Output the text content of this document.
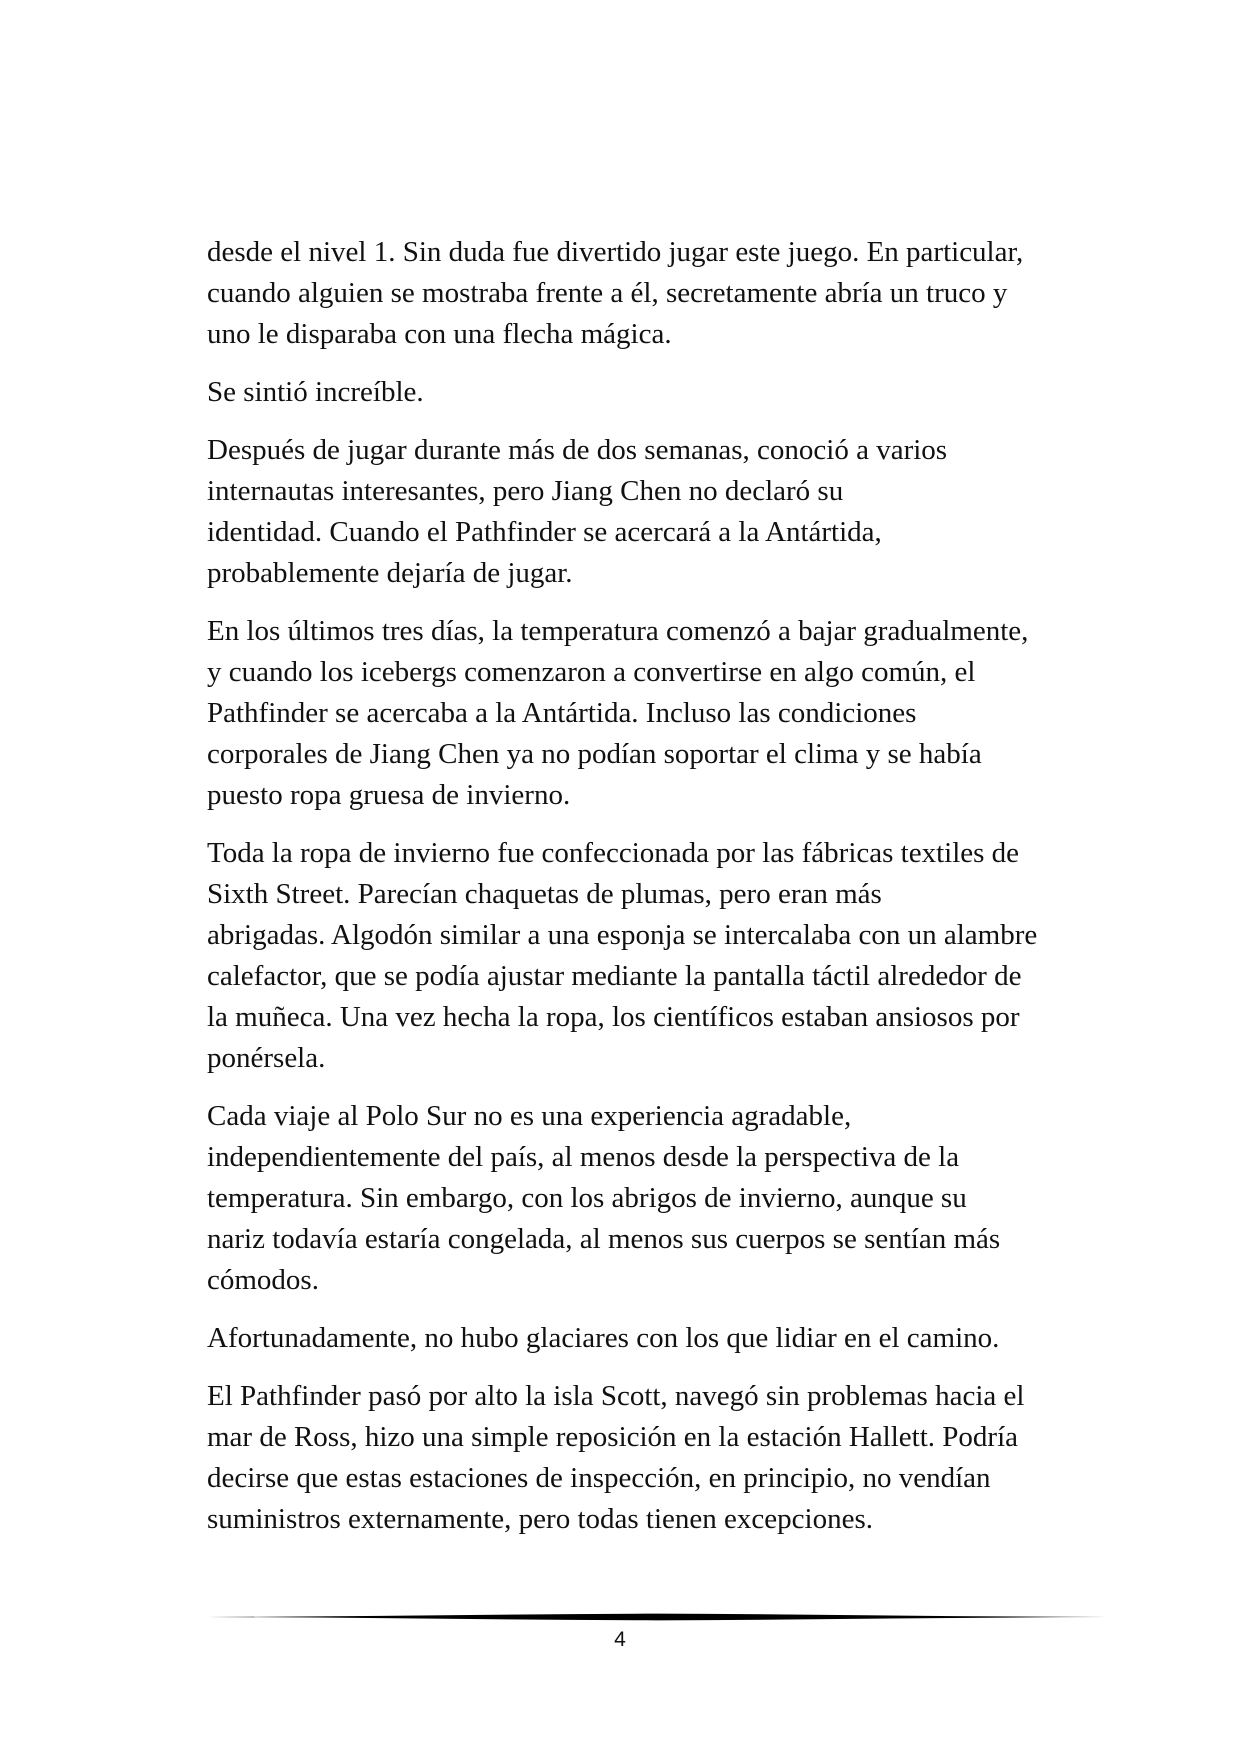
desde el nivel 1. Sin duda fue divertido jugar este juego. En particular,
cuando alguien se mostraba frente a él, secretamente abría un truco y
uno le disparaba con una flecha mágica.

Se sintió increíble.

Después de jugar durante más de dos semanas, conoció a varios
internautas interesantes, pero Jiang Chen no declaró su
identidad. Cuando el Pathfinder se acercará a la Antártida,
probablemente dejaría de jugar.

En los últimos tres días, la temperatura comenzó a bajar gradualmente,
y cuando los icebergs comenzaron a convertirse en algo común, el
Pathfinder se acercaba a la Antártida. Incluso las condiciones
corporales de Jiang Chen ya no podían soportar el clima y se había
puesto ropa gruesa de invierno.

Toda la ropa de invierno fue confeccionada por las fábricas textiles de
Sixth Street. Parecían chaquetas de plumas, pero eran más
abrigadas. Algodón similar a una esponja se intercalaba con un alambre
calefactor, que se podía ajustar mediante la pantalla táctil alrededor de
la muñeca. Una vez hecha la ropa, los científicos estaban ansiosos por
ponérsela.

Cada viaje al Polo Sur no es una experiencia agradable,
independientemente del país, al menos desde la perspectiva de la
temperatura. Sin embargo, con los abrigos de invierno, aunque su
nariz todavía estaría congelada, al menos sus cuerpos se sentían más
cómodos.

Afortunadamente, no hubo glaciares con los que lidiar en el camino.

El Pathfinder pasó por alto la isla Scott, navegó sin problemas hacia el
mar de Ross, hizo una simple reposición en la estación Hallett. Podría
decirse que estas estaciones de inspección, en principio, no vendían
suministros externamente, pero todas tienen excepciones.

4
